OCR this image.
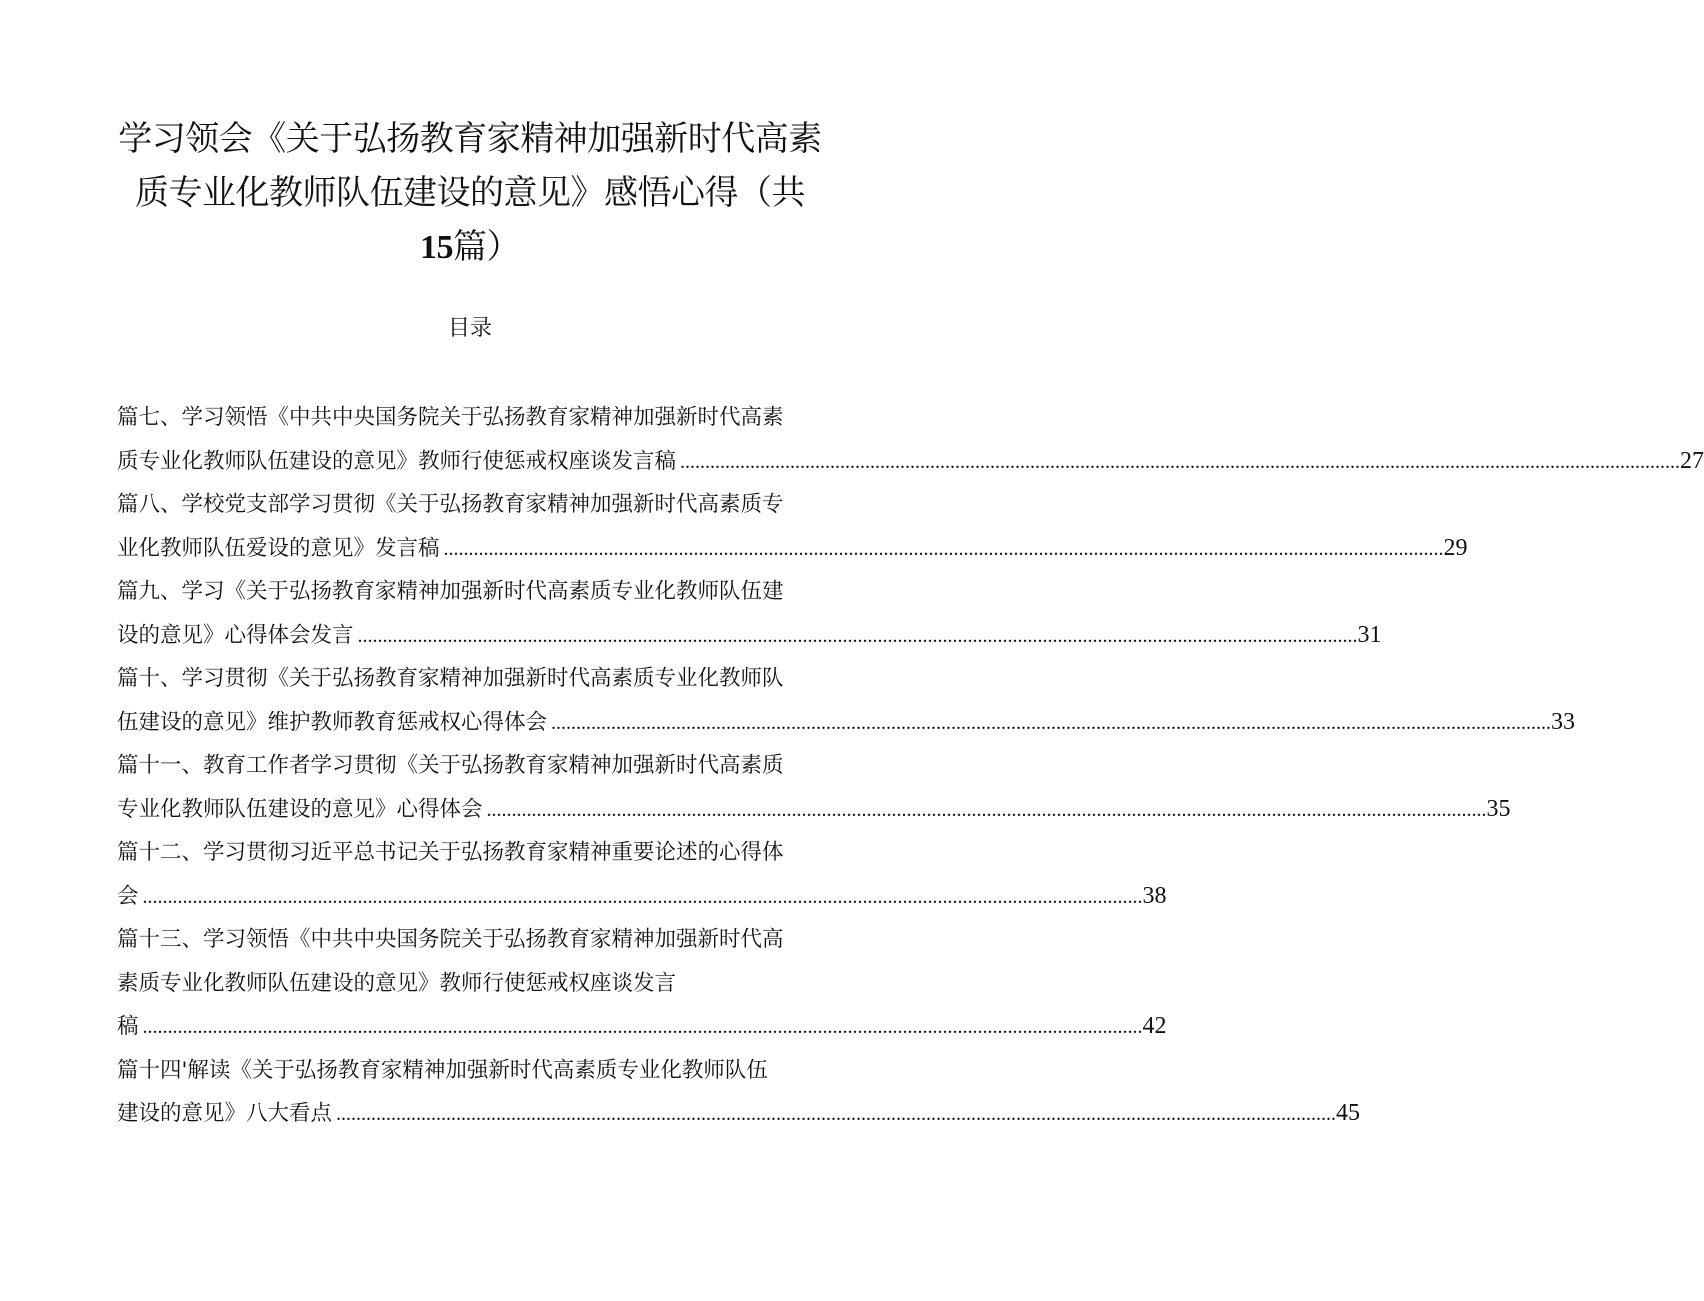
学习领会《关于弘扬教育家精神加强新时代高素
质专业化教师队伍建设的意见》感悟心得（共
15篇）
目录
篇七、学习领悟《中共中央国务院关于弘扬教育家精神加强新时代高素
质专业化教师队伍建设的意见》教师行使惩戒权座谈发言稿 ........................................................................................................................................................................................................ 27
篇八、学校党支部学习贯彻《关于弘扬教育家精神加强新时代高素质专
业化教师队伍爱设的意见》发言稿 ........................................................................................................................................................................................................ 29
篇九、学习《关于弘扬教育家精神加强新时代高素质专业化教师队伍建
设的意见》心得体会发言 ........................................................................................................................................................................................................ 31
篇十、学习贯彻《关于弘扬教育家精神加强新时代高素质专业化教师队
伍建设的意见》维护教师教育惩戒权心得体会 ........................................................................................................................................................................................................ 33
篇十一、教育工作者学习贯彻《关于弘扬教育家精神加强新时代高素质
专业化教师队伍建设的意见》心得体会 ........................................................................................................................................................................................................ 35
篇十二、学习贯彻习近平总书记关于弘扬教育家精神重要论述的心得体
会 ........................................................................................................................................................................................................ 38
篇十三、学习领悟《中共中央国务院关于弘扬教育家精神加强新时代高
素质专业化教师队伍建设的意见》教师行使惩戒权座谈发言
稿 ........................................................................................................................................................................................................ 42
篇十四'解读《关于弘扬教育家精神加强新时代高素质专业化教师队伍
建设的意见》八大看点 ........................................................................................................................................................................................................ 45
